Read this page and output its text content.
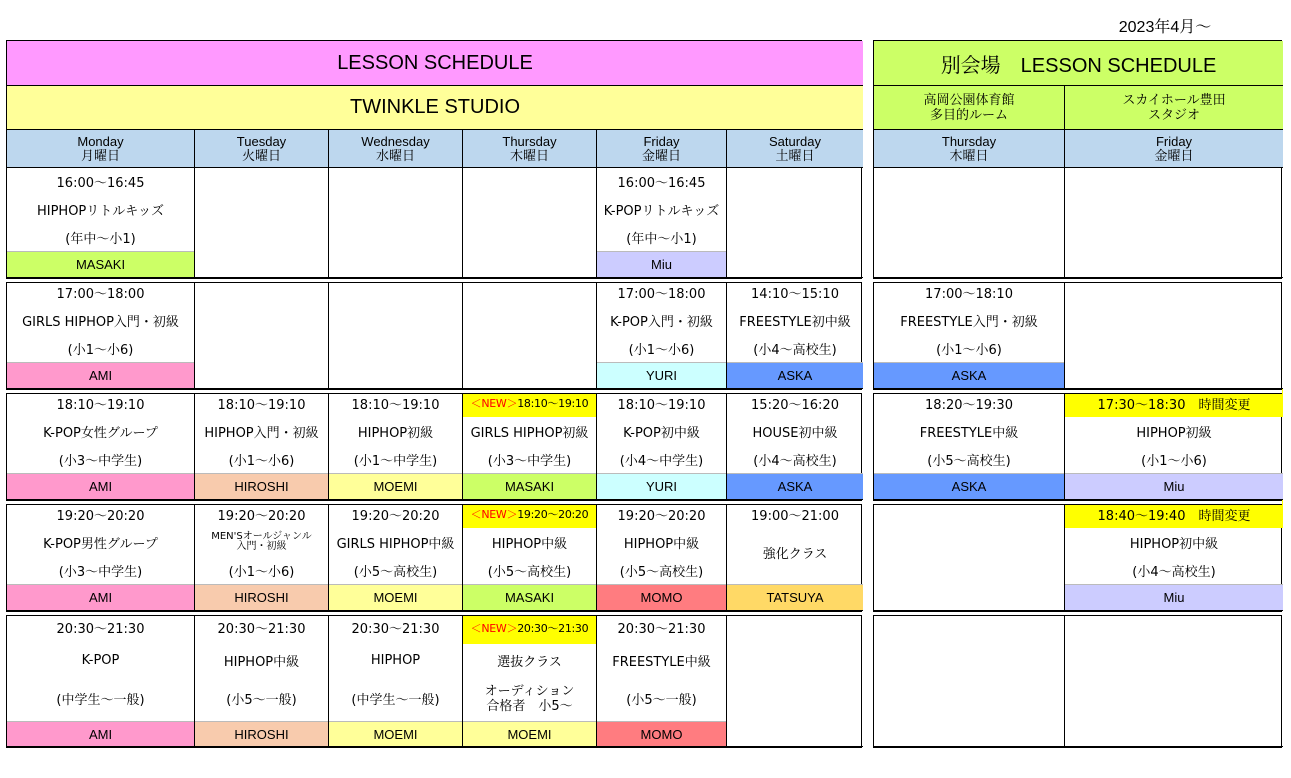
2023年4月～
LESSON SCHEDULE
TWINKLE STUDIO
Monday
月曜日
Tuesday
火曜日
Wednesday
水曜日
Thursday
木曜日
Friday
金曜日
Saturday
土曜日
16:00～16:45
HIPHOPリトルキッズ
(年中～小1)
MASAKI
16:00～16:45
K-POPリトルキッズ
(年中～小1)
Miu
17:00～18:00
GIRLS HIPHOP入門・初級
(小1～小6)
AMI
17:00～18:00
K-POP入門・初級
(小1～小6)
YURI
14:10～15:10
FREESTYLE初中級
(小4～高校生)
ASKA
18:10～19:10
K-POP女性グループ
(小3～中学生)
AMI
18:10～19:10
HIPHOP入門・初級
(小1～小6)
HIROSHI
18:10～19:10
HIPHOP初級
(小1～中学生)
MOEMI
＜NEW＞ 18:10～19:10
GIRLS HIPHOP初級
(小3～中学生)
MASAKI
18:10～19:10
K-POP初中級
(小4～中学生)
YURI
15:20～16:20
HOUSE初中級
(小4～高校生)
ASKA
19:20～20:20
K-POP男性グループ
(小3～中学生)
AMI
19:20～20:20
MEN'Sオールジャンル
入門・初級
(小1～小6)
HIROSHI
19:20～20:20
GIRLS HIPHOP中級
(小5～高校生)
MOEMI
＜NEW＞ 19:20～20:20
HIPHOP中級
(小5～高校生)
MASAKI
19:20～20:20
HIPHOP中級
(小5～高校生)
MOMO
19:00～21:00
強化クラス
TATSUYA
20:30～21:30
K-POP
(中学生～一般)
AMI
20:30～21:30
HIPHOP中級
(小5～一般)
HIROSHI
20:30～21:30
HIPHOP
(中学生～一般)
MOEMI
＜NEW＞ 20:30～21:30
選抜クラス
オーディション
合格者　小5～
MOEMI
20:30～21:30
FREESTYLE中級
(小5～一般)
MOMO
別会場　LESSON SCHEDULE
高岡公園体育館
多目的ルーム
スカイホール豊田
スタジオ
Thursday
木曜日
Friday
金曜日
17:00～18:10
FREESTYLE入門・初級
(小1～小6)
ASKA
18:20～19:30
FREESTYLE中級
(小5～高校生)
ASKA
17:30～18:30　時間変更
HIPHOP初級
(小1～小6)
Miu
18:40～19:40　時間変更
HIPHOP初中級
(小4～高校生)
Miu
